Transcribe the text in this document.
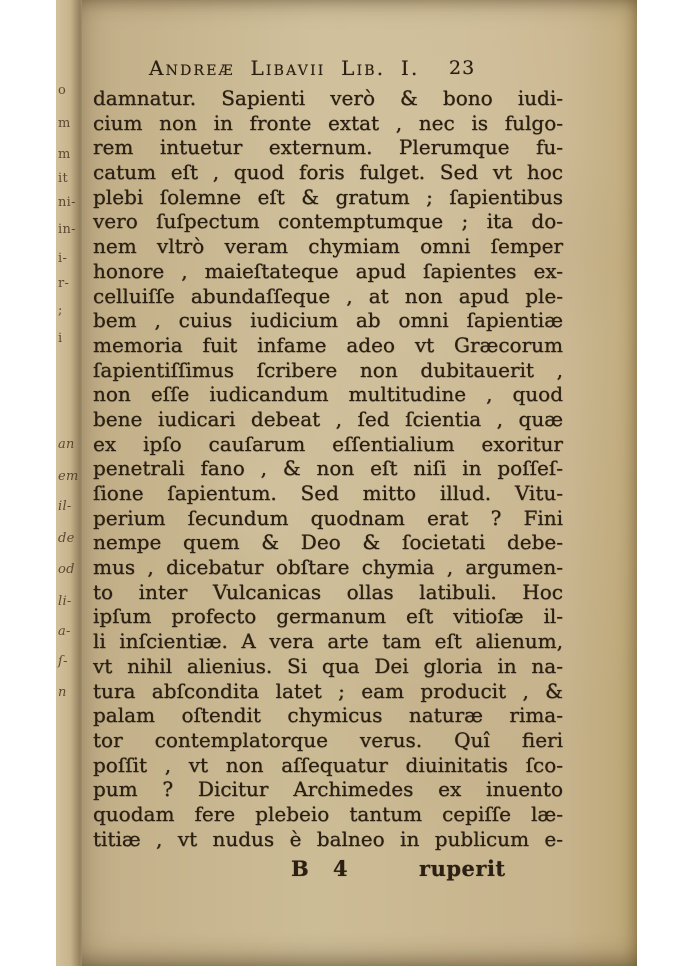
o
m
m
it
ni-
in-
i-
r-
;
i
an
em
il-
de
od
li-
a-
ſ-
n
Andreæ Libavii Lib. I. 23
damnatur. Sapienti verò & bono iudi-
cium non in fronte extat , nec is fulgo-
rem intuetur externum. Plerumque fu-
catum eſt , quod foris fulget. Sed vt hoc
plebi ſolemne eſt & gratum ; ſapientibus
vero ſuſpectum contemptumque ; ita do-
nem vltrò veram chymiam omni ſemper
honore , maieſtateque apud ſapientes ex-
celluiſſe abundaſſeque , at non apud ple-
bem , cuius iudicium ab omni ſapientiæ
memoria fuit infame adeo vt Græcorum
ſapientiſſimus ſcribere non dubitauerit ,
non eſſe iudicandum multitudine , quod
bene iudicari debeat , ſed ſcientia , quæ
ex ipſo cauſarum eſſentialium exoritur
penetrali fano , & non eſt niſi in poſſeſ-
ſione ſapientum. Sed mitto illud. Vitu-
perium ſecundum quodnam erat ? Fini
nempe quem & Deo & ſocietati debe-
mus , dicebatur obſtare chymia , argumen-
to inter Vulcanicas ollas latibuli. Hoc
ipſum profecto germanum eſt vitioſæ il-
li inſcientiæ. A vera arte tam eſt alienum,
vt nihil alienius. Si qua Dei gloria in na-
tura abſcondita latet ; eam producit , &
palam oſtendit chymicus naturæ rima-
tor contemplatorque verus. Quî fieri
poſſit , vt non aſſequatur diuinitatis ſco-
pum ? Dicitur Archimedes ex inuento
quodam fere plebeio tantum cepiſſe læ-
titiæ , vt nudus è balneo in publicum e-
B 4	ruperit
